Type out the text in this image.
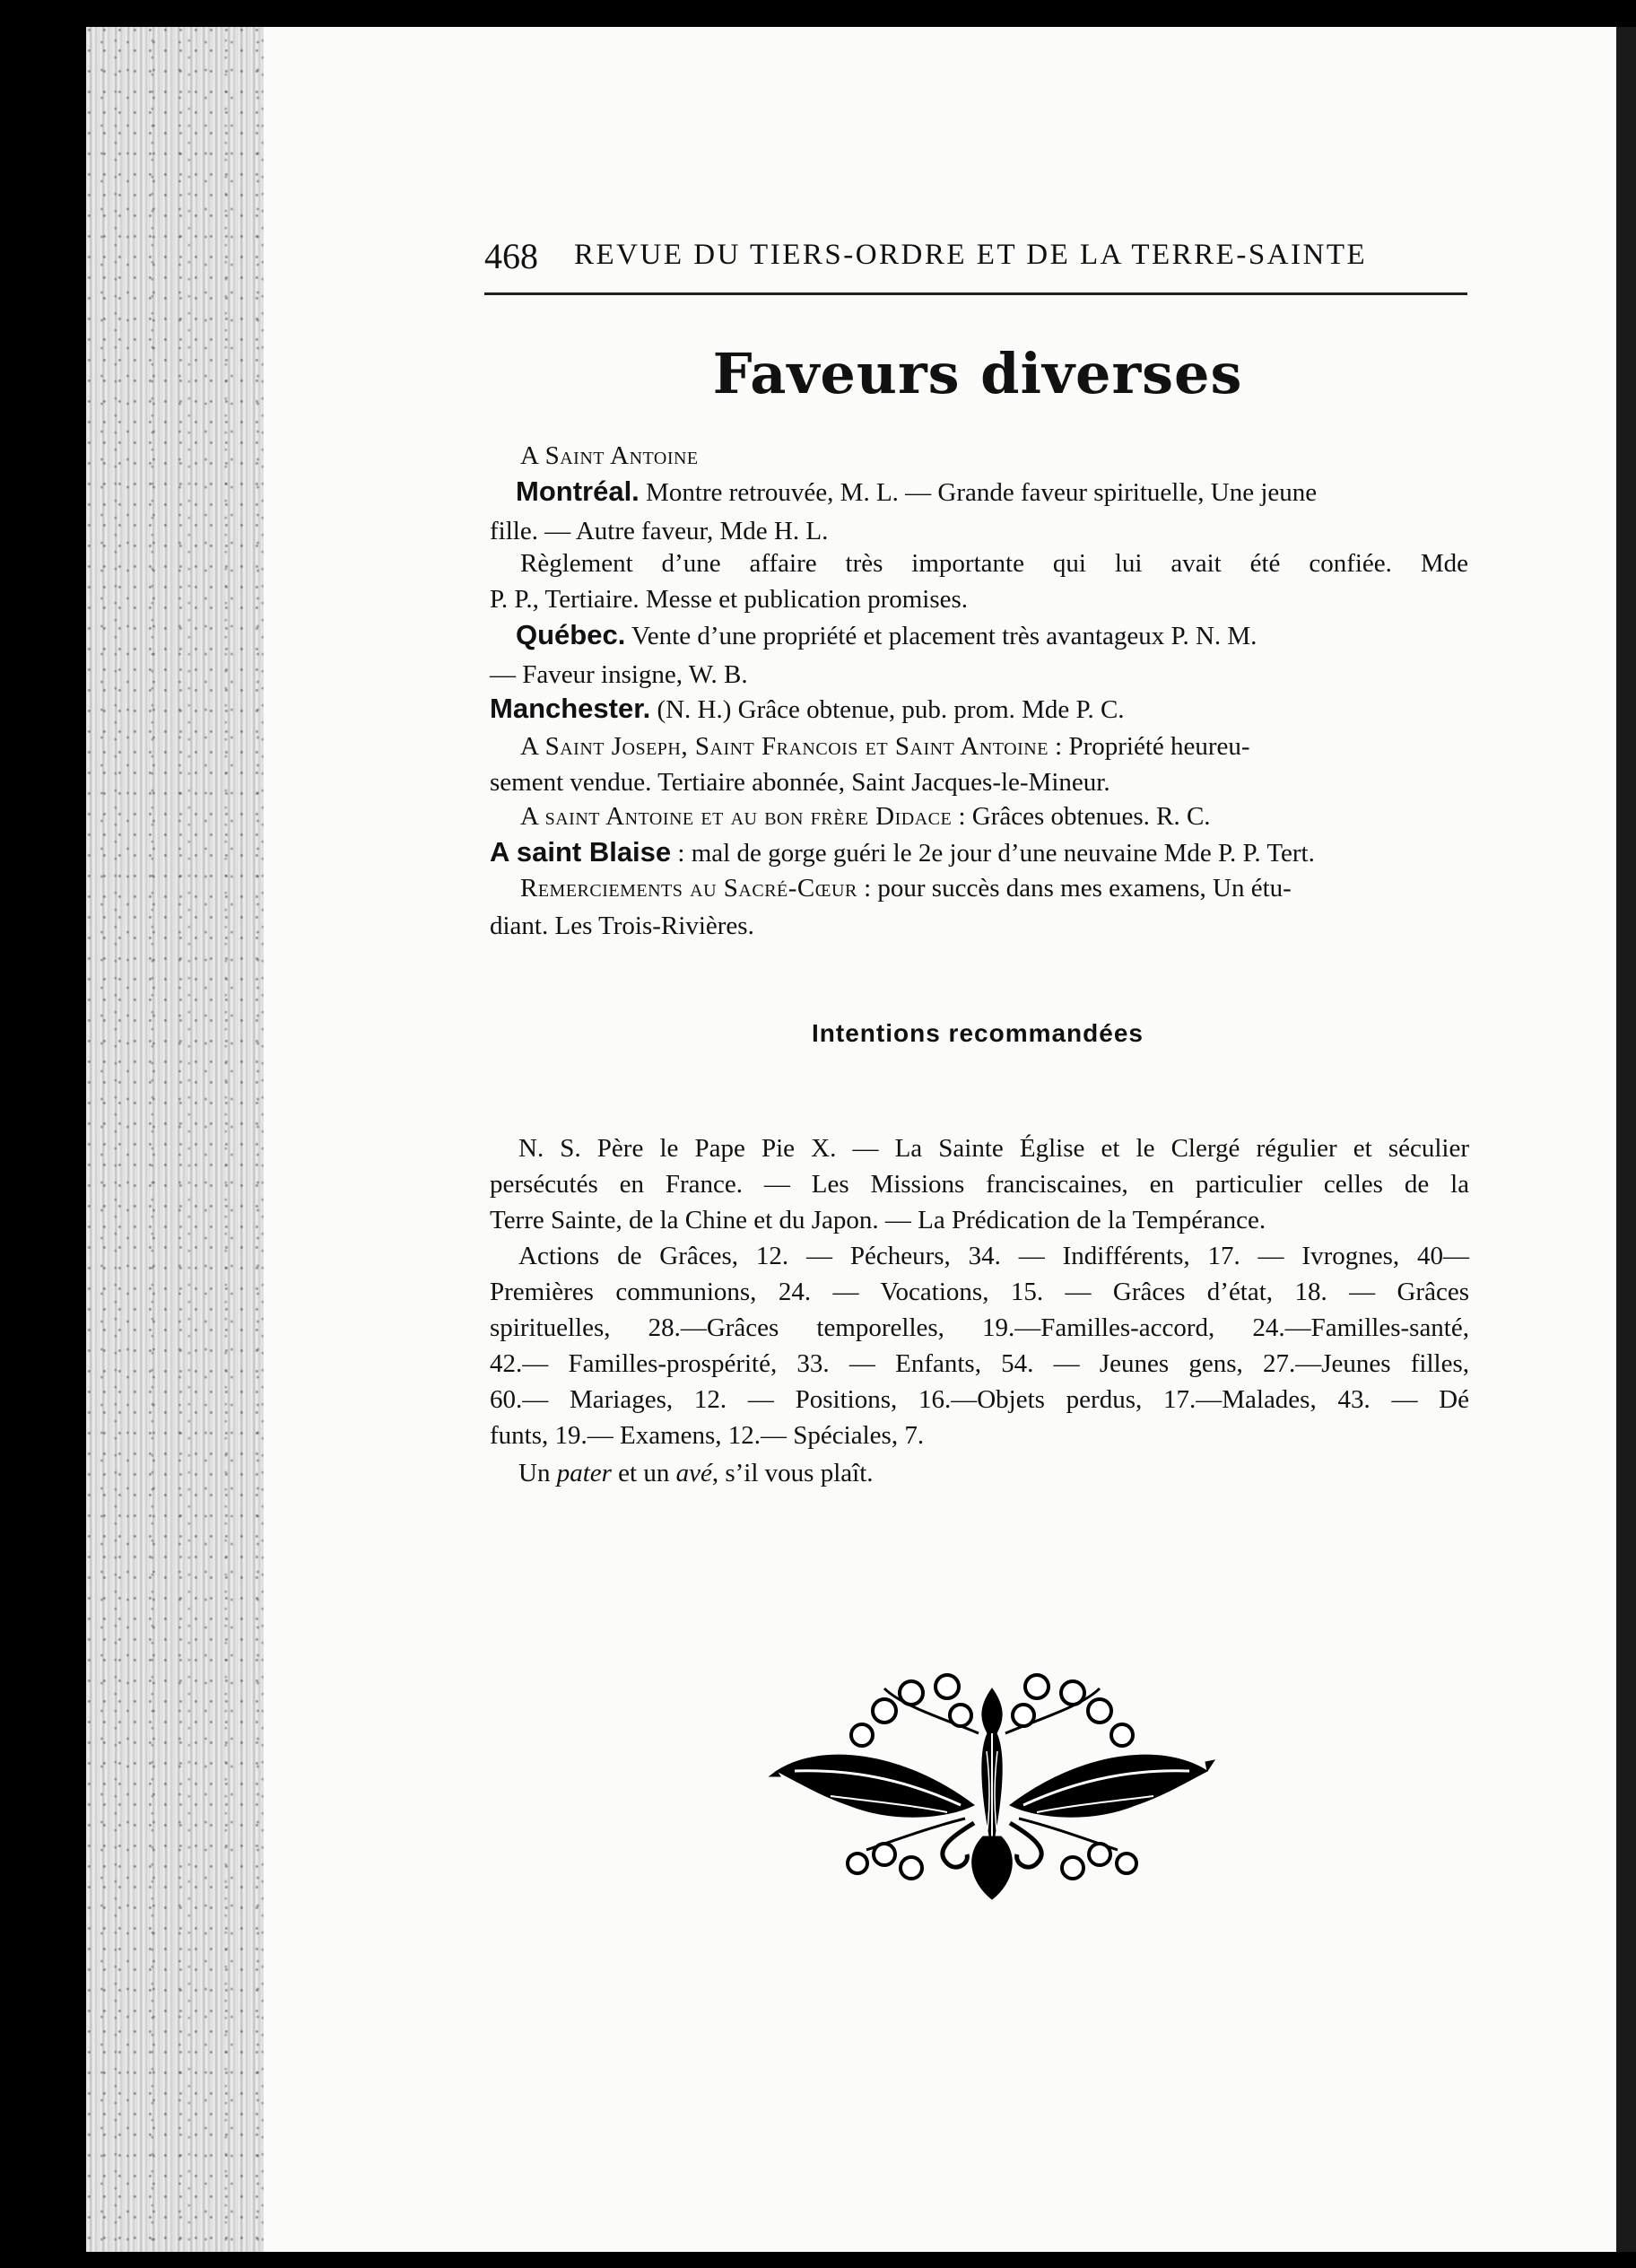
468 REVUE DU TIERS-ORDRE ET DE LA TERRE-SAINTE
Faveurs diverses
A Saint Antoine
Montréal. Montre retrouvée, M. L. — Grande faveur spirituelle, Une jeune
fille. — Autre faveur, Mde H. L.
Règlement d’une affaire très importante qui lui avait été confiée. Mde
P. P., Tertiaire. Messe et publication promises.
Québec. Vente d’une propriété et placement très avantageux P. N. M.
— Faveur insigne, W. B.
Manchester. (N. H.) Grâce obtenue, pub. prom. Mde P. C.
A Saint Joseph, Saint Francois et Saint Antoine : Propriété heureu-
sement vendue. Tertiaire abonnée, Saint Jacques-le-Mineur.
A saint Antoine et au bon frère Didace : Grâces obtenues. R. C.
A saint Blaise : mal de gorge guéri le 2e jour d’une neuvaine Mde P. P. Tert.
Remerciements au Sacré-Cœur : pour succès dans mes examens, Un étu-
diant. Les Trois-Rivières.
Intentions recommandées
N. S. Père le Pape Pie X. — La Sainte Église et le Clergé régulier et séculier
persécutés en France. — Les Missions franciscaines, en particulier celles de la
Terre Sainte, de la Chine et du Japon. — La Prédication de la Tempérance.
Actions de Grâces, 12. — Pécheurs, 34. — Indifférents, 17. — Ivrognes, 40—
Premières communions, 24. — Vocations, 15. — Grâces d’état, 18. — Grâces
spirituelles, 28.—Grâces temporelles, 19.—Familles-accord, 24.—Familles-santé,
42.— Familles-prospérité, 33. — Enfants, 54. — Jeunes gens, 27.—Jeunes filles,
60.— Mariages, 12. — Positions, 16.—Objets perdus, 17.—Malades, 43. — Dé
funts, 19.— Examens, 12.— Spéciales, 7.
Un pater et un avé, s’il vous plaît.
